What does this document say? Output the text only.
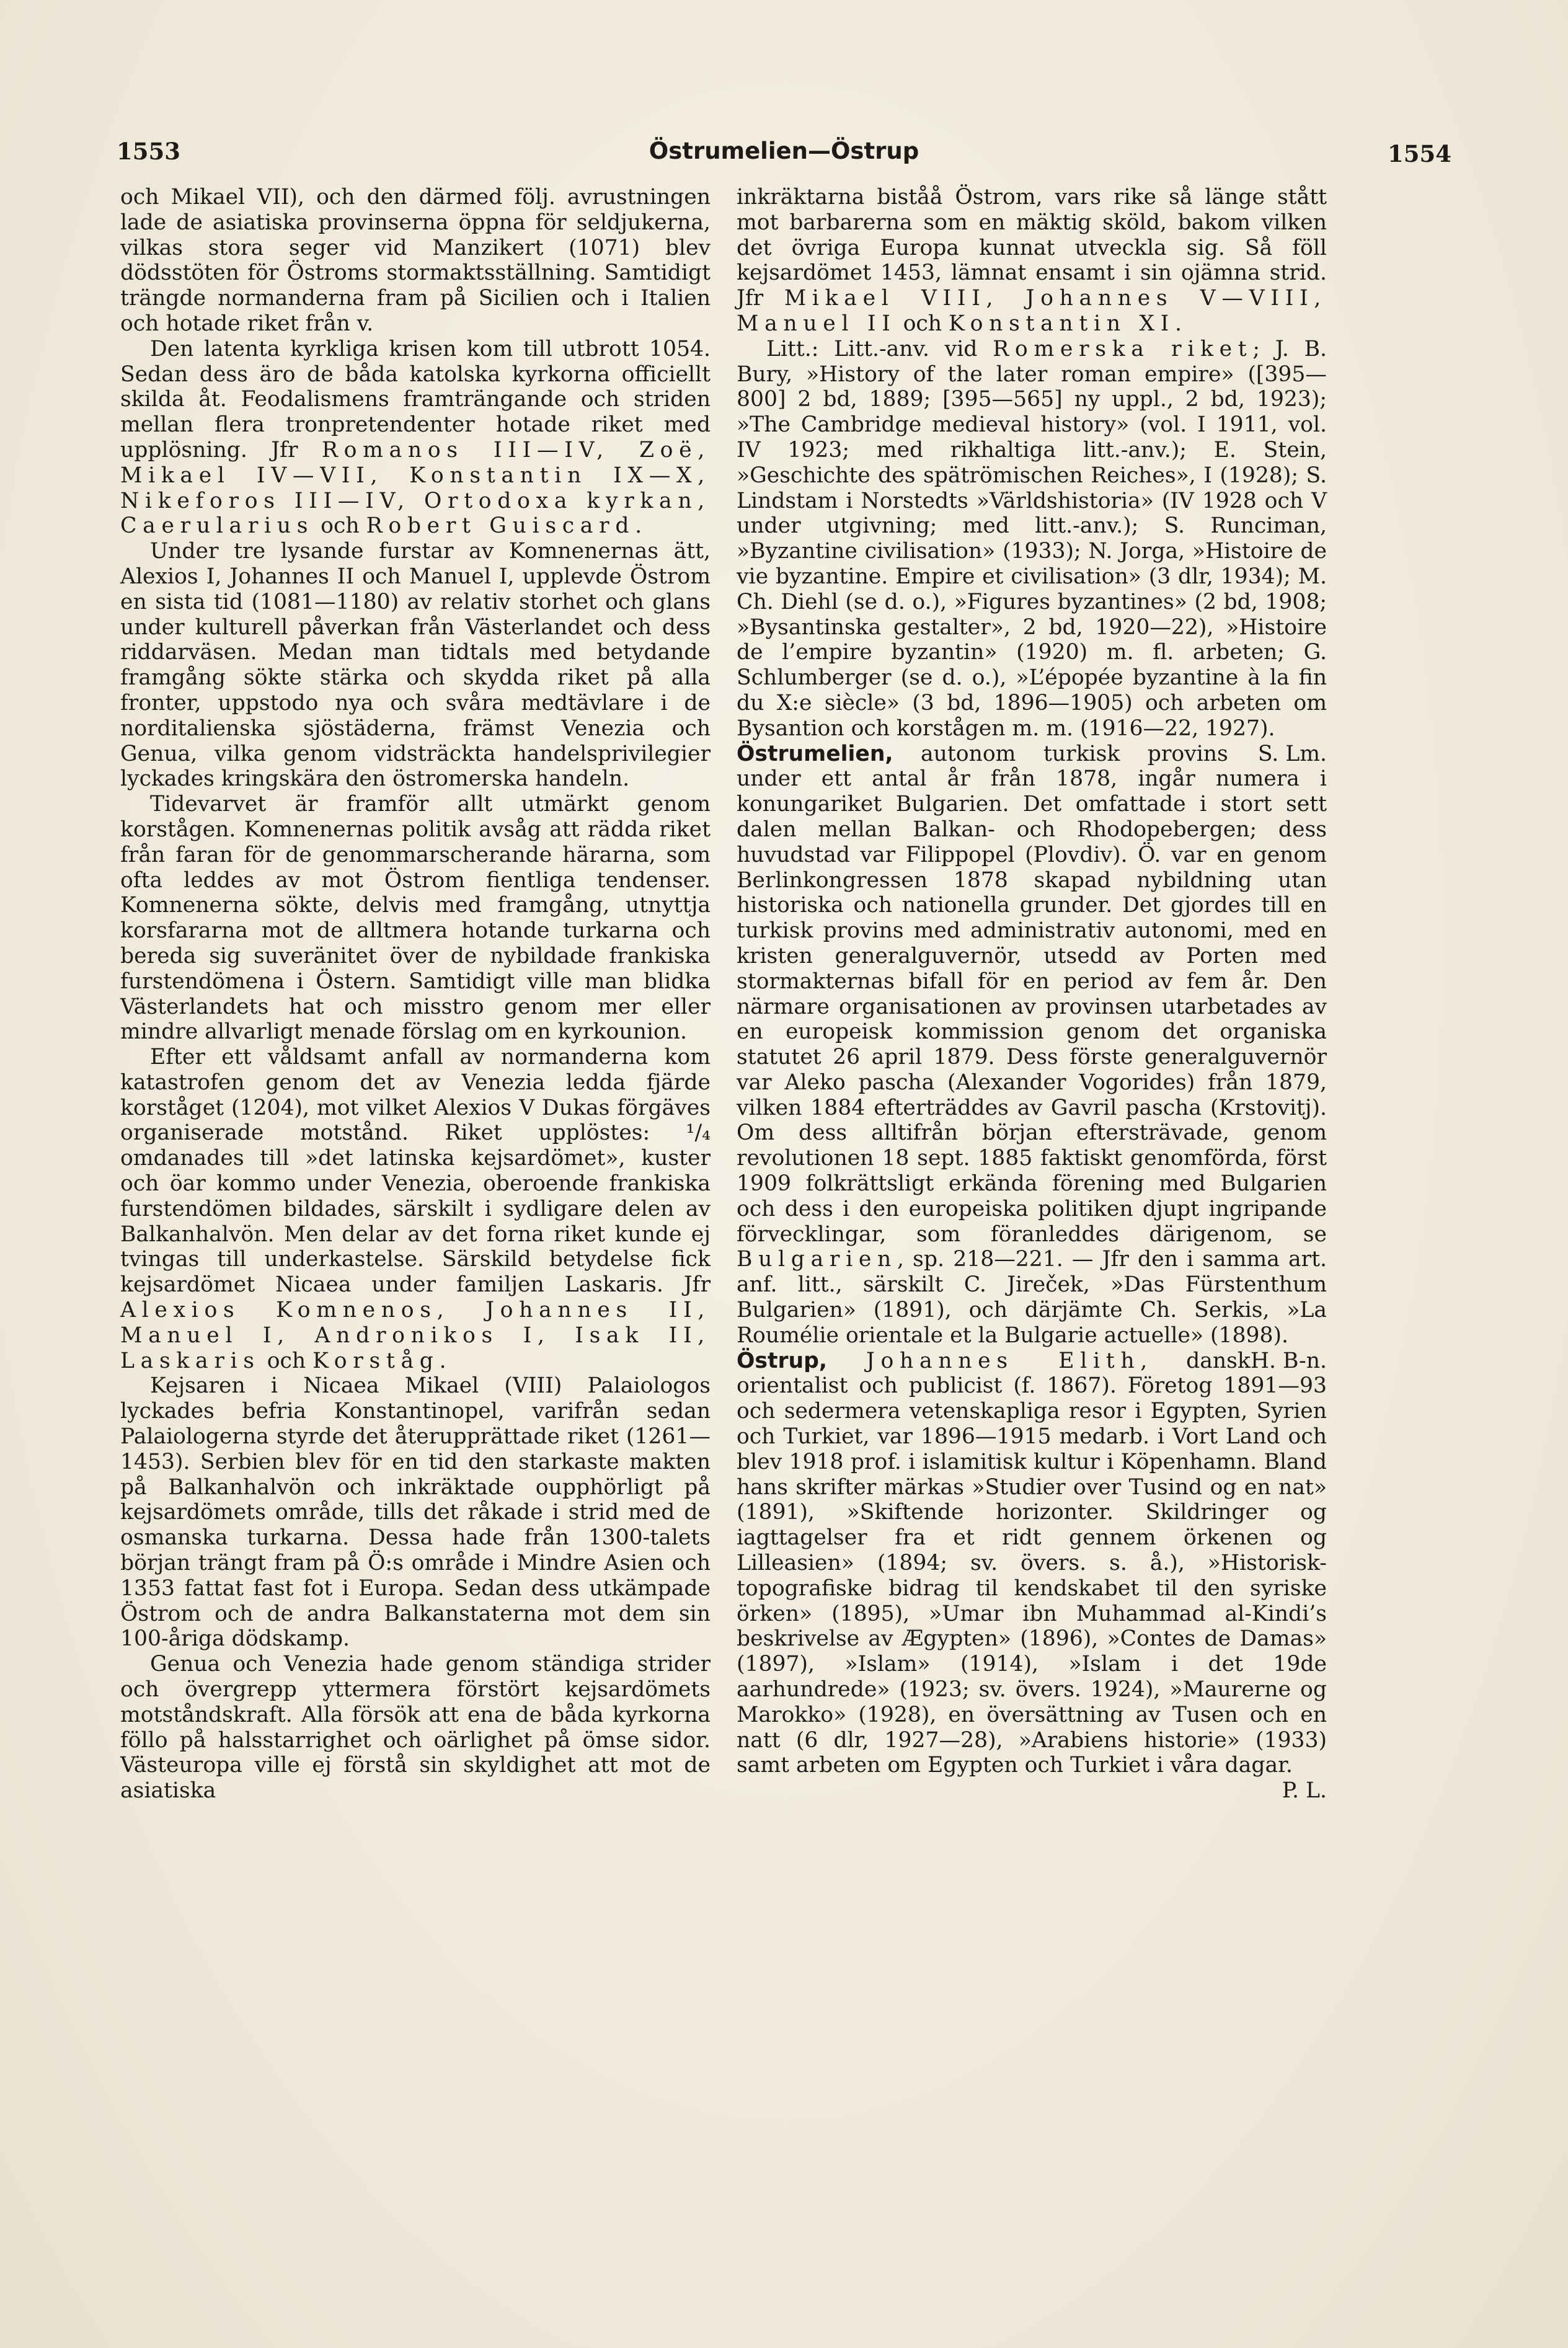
1553	Östrumelien—Östrup	1554

och Mikael VII), och den därmed följ. avrustningen lade de asiatiska provinserna öppna för seldjukerna, vilkas stora seger vid Manzikert (1071) blev dödsstöten för Östroms stormaktsställning. Samtidigt trängde normanderna fram på Sicilien och i Italien och hotade riket från v.

Den latenta kyrkliga krisen kom till utbrott 1054. Sedan dess äro de båda katolska kyrkorna officiellt skilda åt. Feodalismens framträngande och striden mellan flera tronpretendenter hotade riket med upplösning. Jfr Romanos III—IV, Zoë, Mikael IV—VII, Konstantin IX—X, Nikeforos III—IV, Ortodoxa kyrkan, Caerularius och Robert Guiscard.

Under tre lysande furstar av Komnenernas ätt, Alexios I, Johannes II och Manuel I, upplevde Östrom en sista tid (1081—1180) av relativ storhet och glans under kulturell påverkan från Västerlandet och dess riddarväsen. Medan man tidtals med betydande framgång sökte stärka och skydda riket på alla fronter, uppstodo nya och svåra medtävlare i de norditalienska sjöstäderna, främst Venezia och Genua, vilka genom vidsträckta handelsprivilegier lyckades kringskära den östromerska handeln.

Tidevarvet är framför allt utmärkt genom korstågen. Komnenernas politik avsåg att rädda riket från faran för de genommarscherande härarna, som ofta leddes av mot Östrom fientliga tendenser. Komnenerna sökte, delvis med framgång, utnyttja korsfararna mot de alltmera hotande turkarna och bereda sig suveränitet över de nybildade frankiska furstendömena i Östern. Samtidigt ville man blidka Västerlandets hat och misstro genom mer eller mindre allvarligt menade förslag om en kyrkounion.

Efter ett våldsamt anfall av normanderna kom katastrofen genom det av Venezia ledda fjärde korståget (1204), mot vilket Alexios V Dukas förgäves organiserade motstånd. Riket upplöstes: ¹/₄ omdanades till »det latinska kejsardömet», kuster och öar kommo under Venezia, oberoende frankiska furstendömen bildades, särskilt i sydligare delen av Balkanhalvön. Men delar av det forna riket kunde ej tvingas till underkastelse. Särskild betydelse fick kejsardömet Nicaea under familjen Laskaris. Jfr Alexios Komnenos, Johannes II, Manuel I, Andronikos I, Isak II, Laskaris och Korståg.

Kejsaren i Nicaea Mikael (VIII) Palaiologos lyckades befria Konstantinopel, varifrån sedan Palaiologerna styrde det återupprättade riket (1261—1453). Serbien blev för en tid den starkaste makten på Balkanhalvön och inkräktade oupphörligt på kejsardömets område, tills det råkade i strid med de osmanska turkarna. Dessa hade från 1300-talets början trängt fram på Ö:s område i Mindre Asien och 1353 fattat fast fot i Europa. Sedan dess utkämpade Östrom och de andra Balkanstaterna mot dem sin 100-åriga dödskamp.

Genua och Venezia hade genom ständiga strider och övergrepp yttermera förstört kejsardömets motståndskraft. Alla försök att ena de båda kyrkorna föllo på halsstarrighet och oärlighet på ömse sidor. Västeuropa ville ej förstå sin skyldighet att mot de asiatiska

inkräktarna biståå Östrom, vars rike så länge stått mot barbarerna som en mäktig sköld, bakom vilken det övriga Europa kunnat utveckla sig. Så föll kejsardömet 1453, lämnat ensamt i sin ojämna strid. Jfr Mikael VIII, Johannes V—VIII, Manuel II och Konstantin XI.

Litt.: Litt.-anv. vid Romerska riket; J. B. Bury, »History of the later roman empire» ([395—800] 2 bd, 1889; [395—565] ny uppl., 2 bd, 1923); »The Cambridge medieval history» (vol. I 1911, vol. IV 1923; med rikhaltiga litt.-anv.); E. Stein, »Geschichte des spätrömischen Reiches», I (1928); S. Lindstam i Norstedts »Världshistoria» (IV 1928 och V under utgivning; med litt.-anv.); S. Runciman, »Byzantine civilisation» (1933); N. Jorga, »Histoire de vie byzantine. Empire et civilisation» (3 dlr, 1934); M. Ch. Diehl (se d. o.), »Figures byzantines» (2 bd, 1908; »Bysantinska gestalter», 2 bd, 1920—22), »Histoire de l’empire byzantin» (1920) m. fl. arbeten; G. Schlumberger (se d. o.), »L’épopée byzantine à la fin du X:e siècle» (3 bd, 1896—1905) och arbeten om Bysantion och korstågen m. m. (1916—22, 1927).
S. Lm.

Östrumelien, autonom turkisk provins under ett antal år från 1878, ingår numera i konungariket Bulgarien. Det omfattade i stort sett dalen mellan Balkan- och Rhodopebergen; dess huvudstad var Filippopel (Plovdiv). Ö. var en genom Berlinkongressen 1878 skapad nybildning utan historiska och nationella grunder. Det gjordes till en turkisk provins med administrativ autonomi, med en kristen generalguvernör, utsedd av Porten med stormakternas bifall för en period av fem år. Den närmare organisationen av provinsen utarbetades av en europeisk kommission genom det organiska statutet 26 april 1879. Dess förste generalguvernör var Aleko pascha (Alexander Vogorides) från 1879, vilken 1884 efterträddes av Gavril pascha (Krstovitj). Om dess alltifrån början eftersträvade, genom revolutionen 18 sept. 1885 faktiskt genomförda, först 1909 folkrättsligt erkända förening med Bulgarien och dess i den europeiska politiken djupt ingripande förvecklingar, som föranleddes därigenom, se Bulgarien, sp. 218—221. — Jfr den i samma art. anf. litt., särskilt C. Jireček, »Das Fürstenthum Bulgarien» (1891), och därjämte Ch. Serkis, »La Roumélie orientale et la Bulgarie actuelle» (1898).
H. B-n.

Östrup, Johannes Elith, dansk orientalist och publicist (f. 1867). Företog 1891—93 och sedermera vetenskapliga resor i Egypten, Syrien och Turkiet, var 1896—1915 medarb. i Vort Land och blev 1918 prof. i islamitisk kultur i Köpenhamn. Bland hans skrifter märkas »Studier over Tusind og en nat» (1891), »Skiftende horizonter. Skildringer og iagttagelser fra et ridt gennem örkenen og Lilleasien» (1894; sv. övers. s. å.), »Historisk-topografiske bidrag til kendskabet til den syriske örken» (1895), »Umar ibn Muhammad al-Kindi’s beskrivelse av Ægypten» (1896), »Contes de Damas» (1897), »Islam» (1914), »Islam i det 19de aarhundrede» (1923; sv. övers. 1924), »Maurerne og Marokko» (1928), en översättning av Tusen och en natt (6 dlr, 1927—28), »Arabiens historie» (1933) samt arbeten om Egypten och Turkiet i våra dagar.
P. L.
